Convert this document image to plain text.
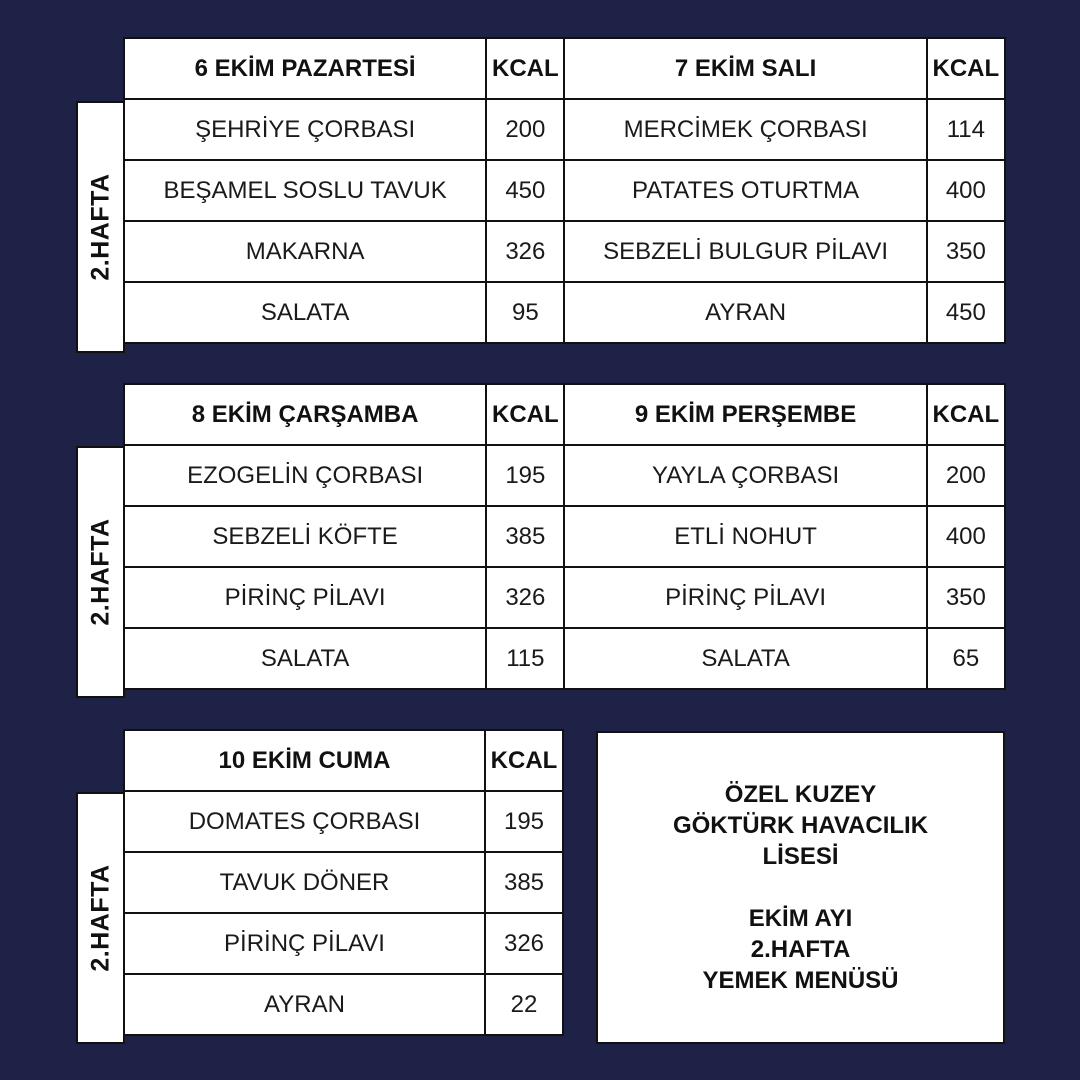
2.HAFTA
6 EKİM PAZARTESİ	KCAL	7 EKİM SALI	KCAL
ŞEHRİYE ÇORBASI	200	MERCİMEK ÇORBASI	114
BEŞAMEL SOSLU TAVUK	450	PATATES OTURTMA	400
MAKARNA	326	SEBZELİ BULGUR PİLAVI	350
SALATA	95	AYRAN	450
2.HAFTA
8 EKİM ÇARŞAMBA	KCAL	9 EKİM PERŞEMBE	KCAL
EZOGELİN ÇORBASI	195	YAYLA ÇORBASI	200
SEBZELİ KÖFTE	385	ETLİ NOHUT	400
PİRİNÇ PİLAVI	326	PİRİNÇ PİLAVI	350
SALATA	115	SALATA	65
2.HAFTA
10 EKİM CUMA	KCAL
DOMATES ÇORBASI	195
TAVUK DÖNER	385
PİRİNÇ PİLAVI	326
AYRAN	22
ÖZEL KUZEY
GÖKTÜRK HAVACILIK
LİSESİ
EKİM AYI
2.HAFTA
YEMEK MENÜSÜ
